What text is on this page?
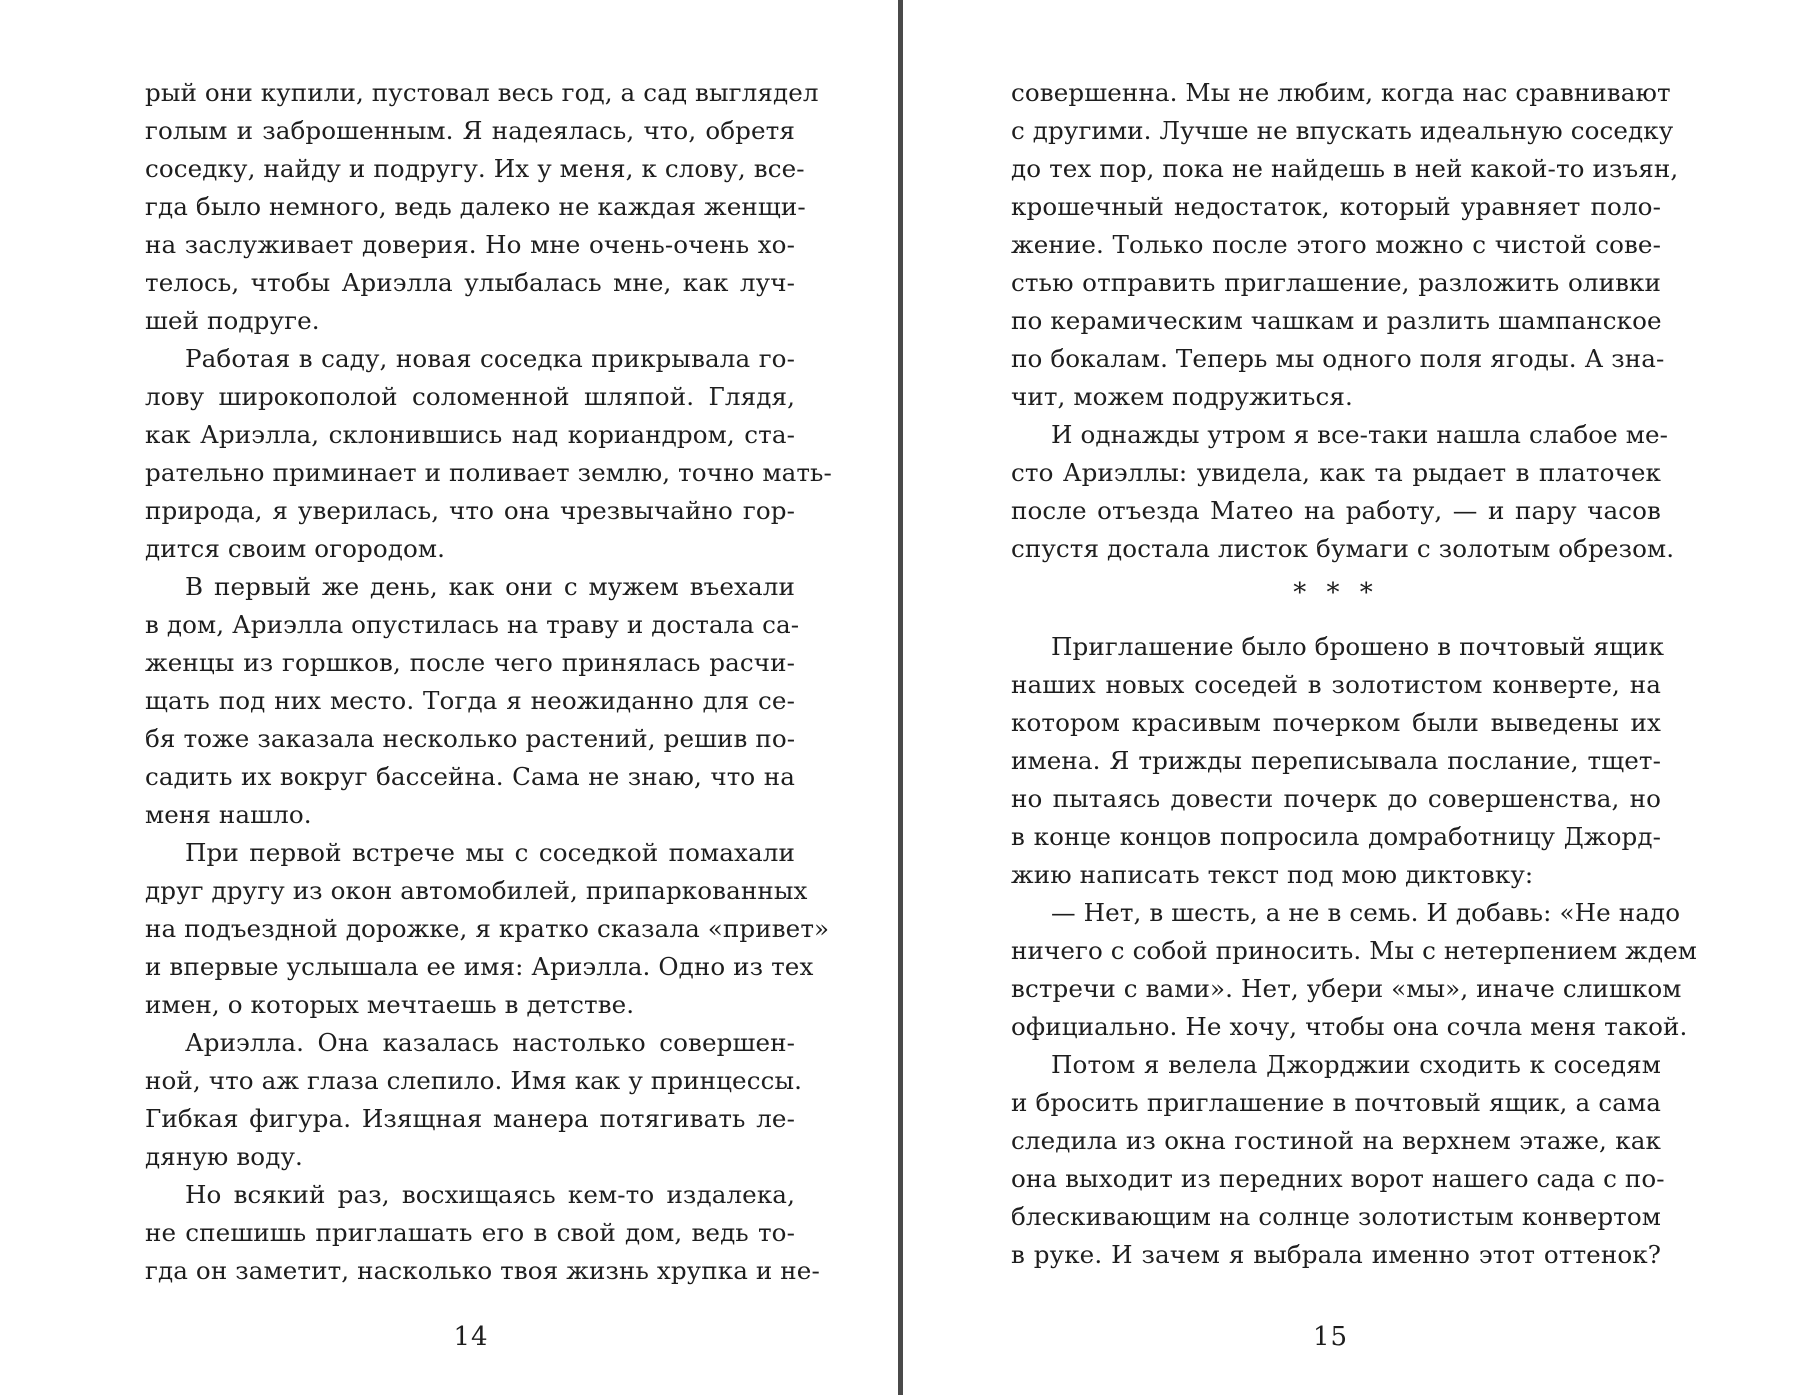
рый они купили, пустовал весь год, а сад выглядел
голым и заброшенным. Я надеялась, что, обретя
соседку, найду и подругу. Их у меня, к слову, все-
гда было немного, ведь далеко не каждая женщи-
на заслуживает доверия. Но мне очень-очень хо-
телось, чтобы Ариэлла улыбалась мне, как луч-
шей подруге.
Работая в саду, новая соседка прикрывала го-
лову широкополой соломенной шляпой. Глядя,
как Ариэлла, склонившись над кориандром, ста-
рательно приминает и поливает землю, точно мать-
природа, я уверилась, что она чрезвычайно гор-
дится своим огородом.
В первый же день, как они с мужем въехали
в дом, Ариэлла опустилась на траву и достала са-
женцы из горшков, после чего принялась расчи-
щать под них место. Тогда я неожиданно для се-
бя тоже заказала несколько растений, решив по-
садить их вокруг бассейна. Сама не знаю, что на
меня нашло.
При первой встрече мы с соседкой помахали
друг другу из окон автомобилей, припаркованных
на подъездной дорожке, я кратко сказала «привет»
и впервые услышала ее имя: Ариэлла. Одно из тех
имен, о которых мечтаешь в детстве.
Ариэлла. Она казалась настолько совершен-
ной, что аж глаза слепило. Имя как у принцессы.
Гибкая фигура. Изящная манера потягивать ле-
дяную воду.
Но всякий раз, восхищаясь кем-то издалека,
не спешишь приглашать его в свой дом, ведь то-
гда он заметит, насколько твоя жизнь хрупка и не-
14
совершенна. Мы не любим, когда нас сравнивают
с другими. Лучше не впускать идеальную соседку
до тех пор, пока не найдешь в ней какой-то изъян,
крошечный недостаток, который уравняет поло-
жение. Только после этого можно с чистой сове-
стью отправить приглашение, разложить оливки
по керамическим чашкам и разлить шампанское
по бокалам. Теперь мы одного поля ягоды. А зна-
чит, можем подружиться.
И однажды утром я все-таки нашла слабое ме-
сто Ариэллы: увидела, как та рыдает в платочек
после отъезда Матео на работу, — и пару часов
спустя достала листок бумаги с золотым обрезом.
* * *
Приглашение было брошено в почтовый ящик
наших новых соседей в золотистом конверте, на
котором красивым почерком были выведены их
имена. Я трижды переписывала послание, тщет-
но пытаясь довести почерк до совершенства, но
в конце концов попросила домработницу Джорд-
жию написать текст под мою диктовку:
— Нет, в шесть, а не в семь. И добавь: «Не надо
ничего с собой приносить. Мы с нетерпением ждем
встречи с вами». Нет, убери «мы», иначе слишком
официально. Не хочу, чтобы она сочла меня такой.
Потом я велела Джорджии сходить к соседям
и бросить приглашение в почтовый ящик, а сама
следила из окна гостиной на верхнем этаже, как
она выходит из передних ворот нашего сада с по-
блескивающим на солнце золотистым конвертом
в руке. И зачем я выбрала именно этот оттенок?
15
